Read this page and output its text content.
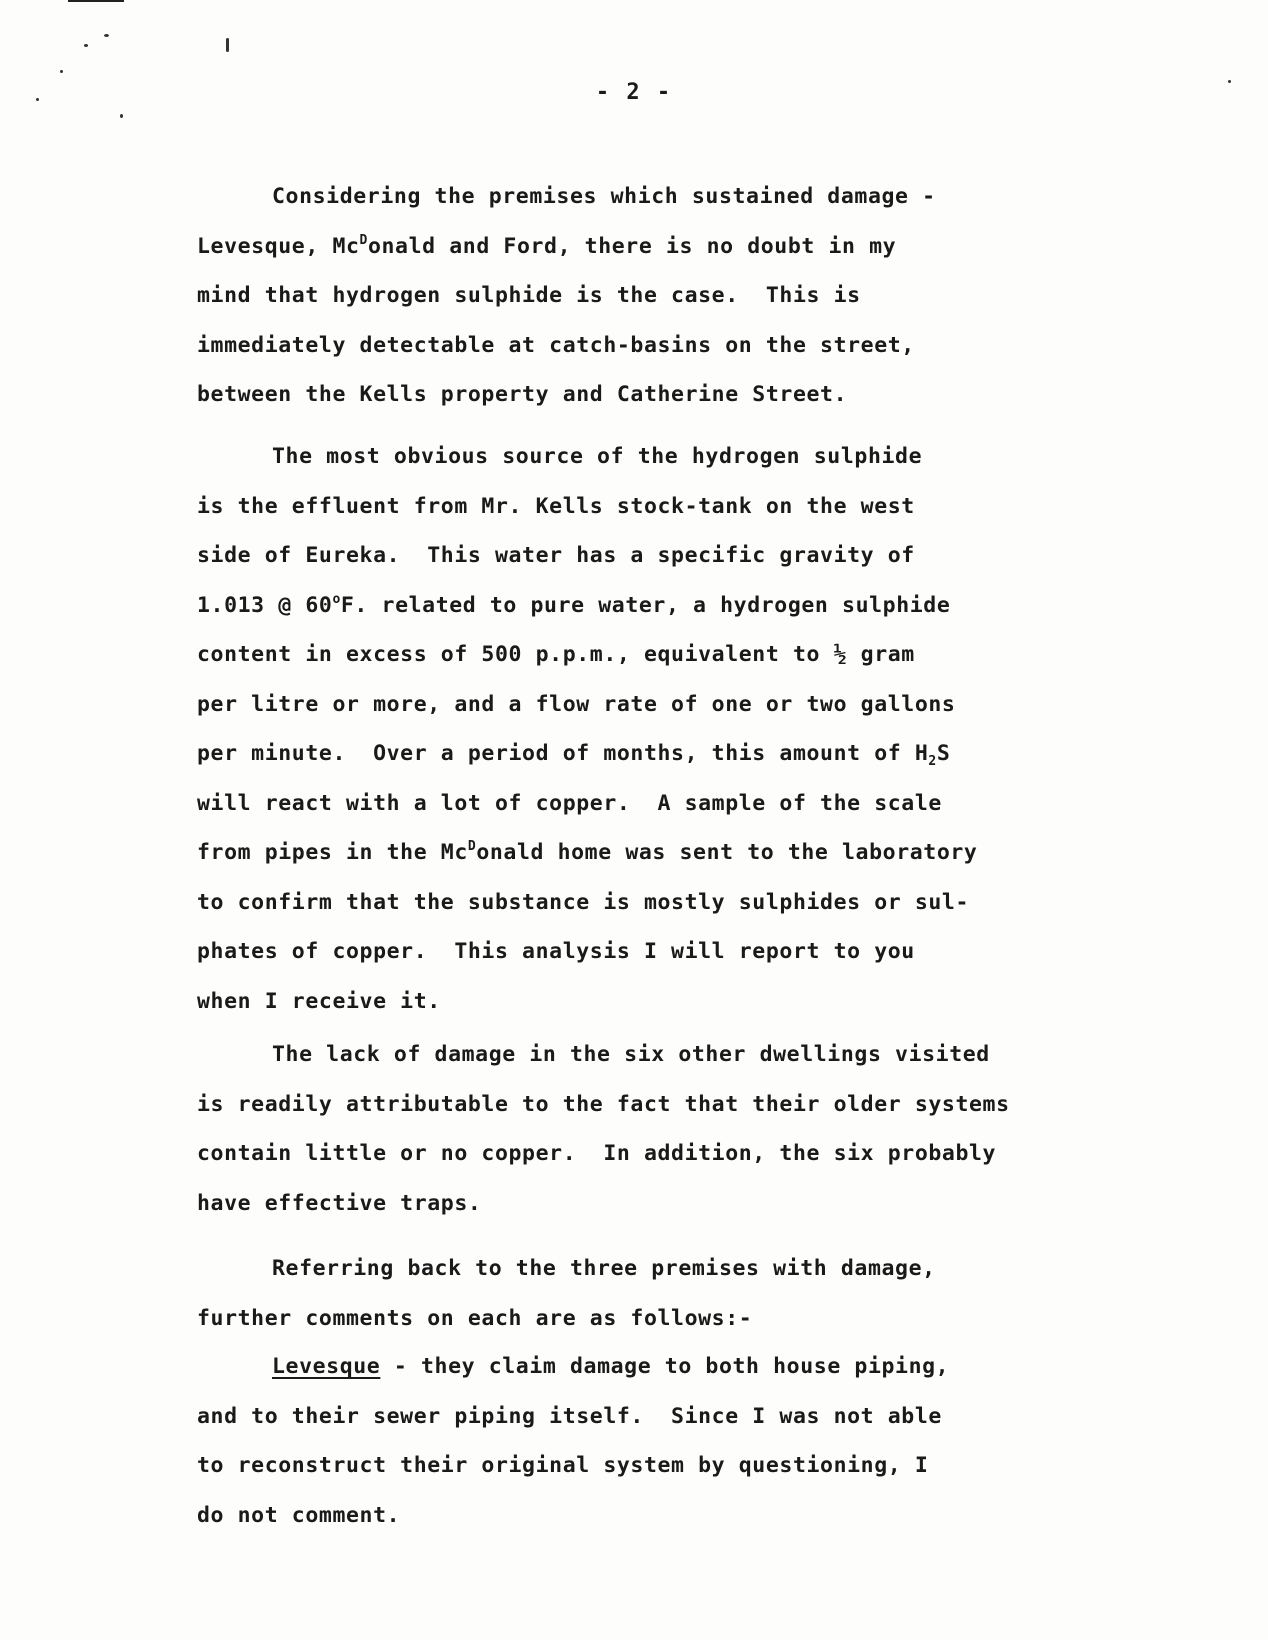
- 2 -
Considering the premises which sustained damage -
Levesque, $Mc^Donald$ and Ford, there is no doubt in my
mind that hydrogen sulphide is the case.  This is
immediately detectable at catch-basins on the street,
between the Kells property and Catherine Street.
The most obvious source of the hydrogen sulphide
is the effluent from Mr. Kells stock-tank on the west
side of Eureka.  This water has a specific gravity of
1.013 @ 60$^o$F. related to pure water, a hydrogen sulphide
content in excess of 500 p.p.m., equivalent to ½ gram
per litre or more, and a flow rate of one or two gallons
per minute.  Over a period of months, this amount of $H_2S$
will react with a lot of copper.  A sample of the scale
from pipes in the $Mc^Donald$ home was sent to the laboratory
to confirm that the substance is mostly sulphides or sul-
phates of copper.  This analysis I will report to you
when I receive it.
The lack of damage in the six other dwellings visited
is readily attributable to the fact that their older systems
contain little or no copper.  In addition, the six probably
have effective traps.
Referring back to the three premises with damage,
further comments on each are as follows:-
Levesque - they claim damage to both house piping,
and to their sewer piping itself.  Since I was not able
to reconstruct their original system by questioning, I
do not comment.
